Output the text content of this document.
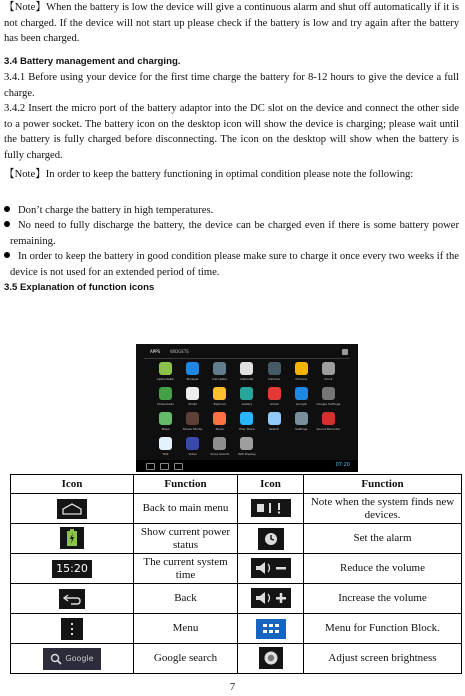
【Note】When the battery is low the device will give a continuous alarm and shut off automatically if it is not charged. If the device will not start up please check if the battery is low and try again after the battery has been charged.
3.4 Battery management and charging.
3.4.1 Before using your device for the first time charge the battery for 8-12 hours to give the device a full charge.
3.4.2 Insert the micro port of the battery adaptor into the DC slot on the device and connect the other side to a power socket. The battery icon on the desktop icon will show the device is charging; please wait until the battery is fully charged before disconnecting. The icon on the desktop will show when the battery is fully charged.
【Note】In order to keep the battery functioning in optimal condition please note the following:
Don’t charge the battery in high temperatures.
No need to fully discharge the battery, the device can be charged even if there is some battery power remaining.
In order to keep the battery in good condition please make sure to charge it once every two weeks if the device is not used for an extended period of time.
3.5 Explanation of function icons
APPS WIDGETS
ApkInstaller	Browser	Calculator	Calendar	Camera	Chrome	Clock
Downloads	Email	Explorer	Gallery	Gmail	Google	Google Settings
Maps	Movie Studio	Music	Play Store	Search	Settings	Sound Recorder
Talk	Video	Voice Search	Wifi Display
07:20
Icon	Function	Icon	Function

	Back to main menu		Note when the system finds new devices.

	Show current power status		Set the alarm
15:20	The current system time		Reduce the volume

	Back		Increase the volume

	Menu		Menu for Function Block.

Google	Google search		Adjust screen brightness
7
